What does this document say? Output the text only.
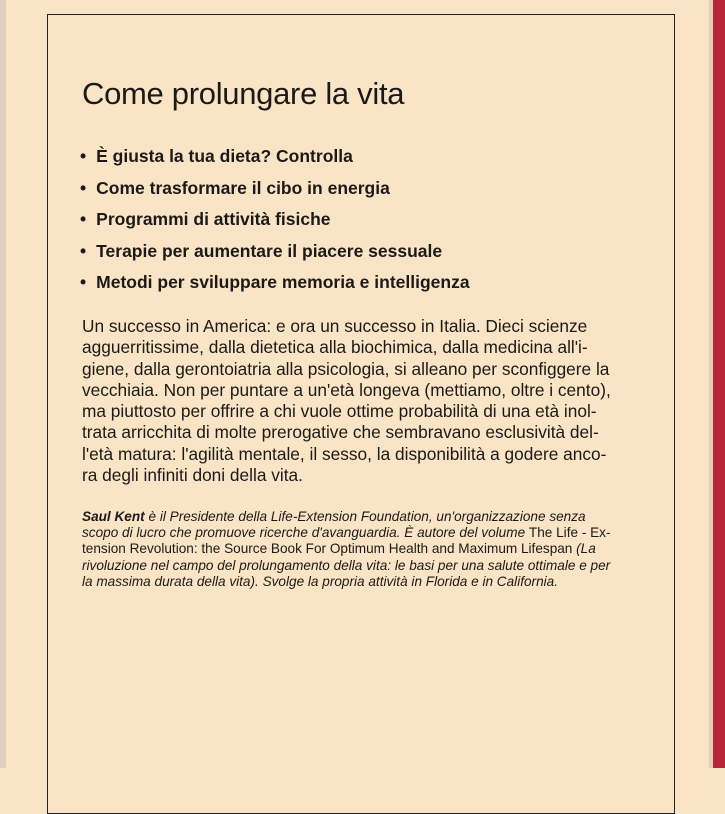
Come prolungare la vita
• È giusta la tua dieta? Controlla
• Come trasformare il cibo in energia
• Programmi di attività fisiche
• Terapie per aumentare il piacere sessuale
• Metodi per sviluppare memoria e intelligenza
Un successo in America: e ora un successo in Italia. Dieci scienze
agguerritissime, dalla dietetica alla biochimica, dalla medicina all'i-
giene, dalla gerontoiatria alla psicologia, si alleano per sconfiggere la
vecchiaia. Non per puntare a un'età longeva (mettiamo, oltre i cento),
ma piuttosto per offrire a chi vuole ottime probabilità di una età inol-
trata arricchita di molte prerogative che sembravano esclusività del-
l'età matura: l'agilità mentale, il sesso, la disponibilità a godere anco-
ra degli infiniti doni della vita.
Saul Kent è il Presidente della Life-Extension Foundation, un'organizzazione senza
scopo di lucro che promuove ricerche d'avanguardia. È autore del volume The Life - Ex-
tension Revolution: the Source Book For Optimum Health and Maximum Lifespan (La
rivoluzione nel campo del prolungamento della vita: le basi per una salute ottimale e per
la massima durata della vita). Svolge la propria attività in Florida e in California.
